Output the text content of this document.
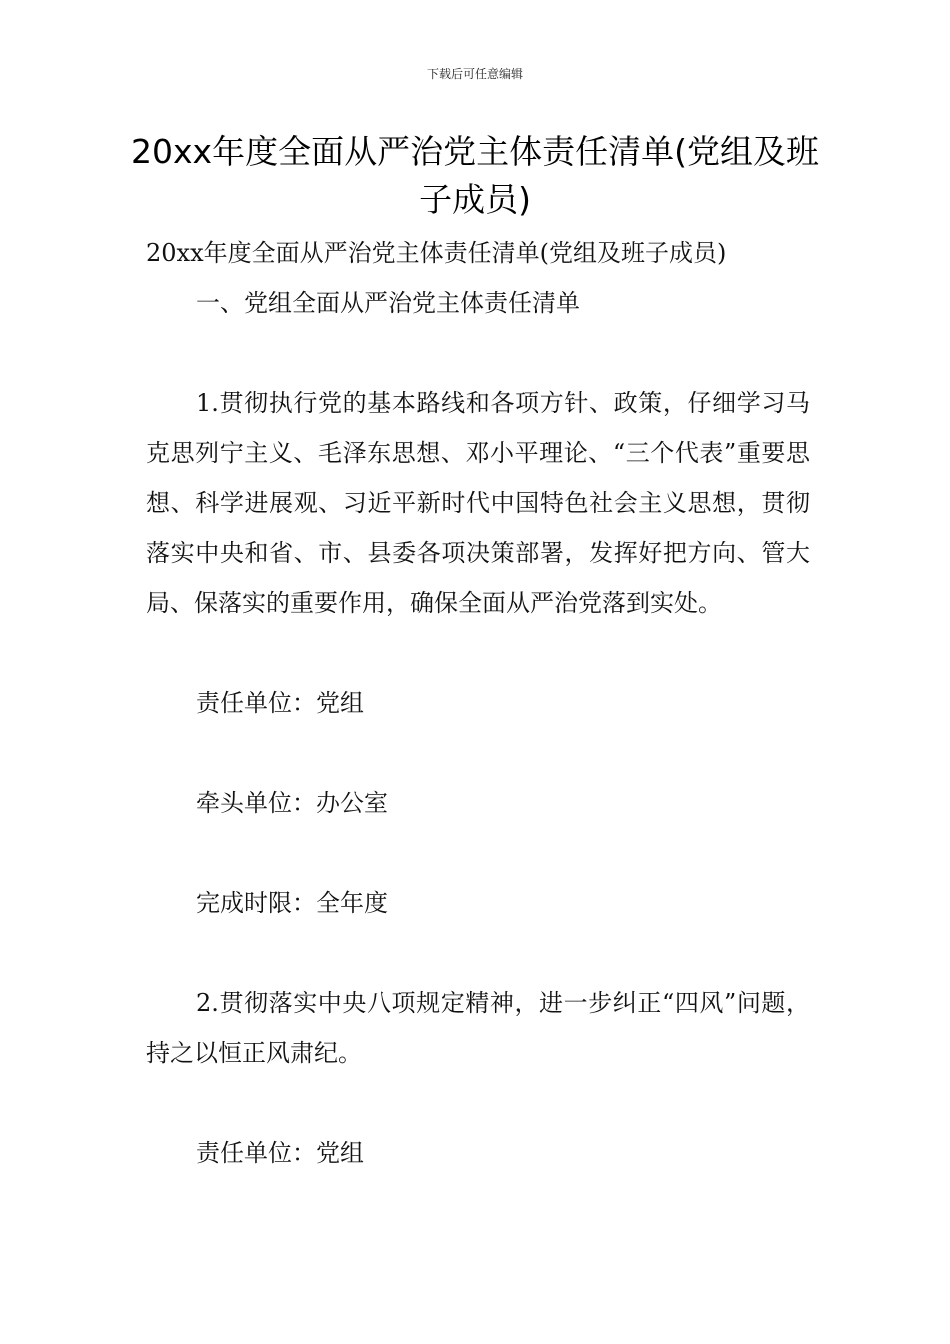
下载后可任意编辑
20xx年度全面从严治党主体责任清单(党组及班子成员)

20xx年度全面从严治党主体责任清单(党组及班子成员)

一、党组全面从严治党主体责任清单

1.贯彻执行党的基本路线和各项方针、政策，仔细学习马克思列宁主义、毛泽东思想、邓小平理论、“三个代表”重要思想、科学进展观、习近平新时代中国特色社会主义思想，贯彻落实中央和省、市、县委各项决策部署，发挥好把方向、管大局、保落实的重要作用，确保全面从严治党落到实处。

责任单位：党组

牵头单位：办公室

完成时限：全年度

2.贯彻落实中央八项规定精神，进一步纠正“四风”问题，持之以恒正风肃纪。

责任单位：党组
